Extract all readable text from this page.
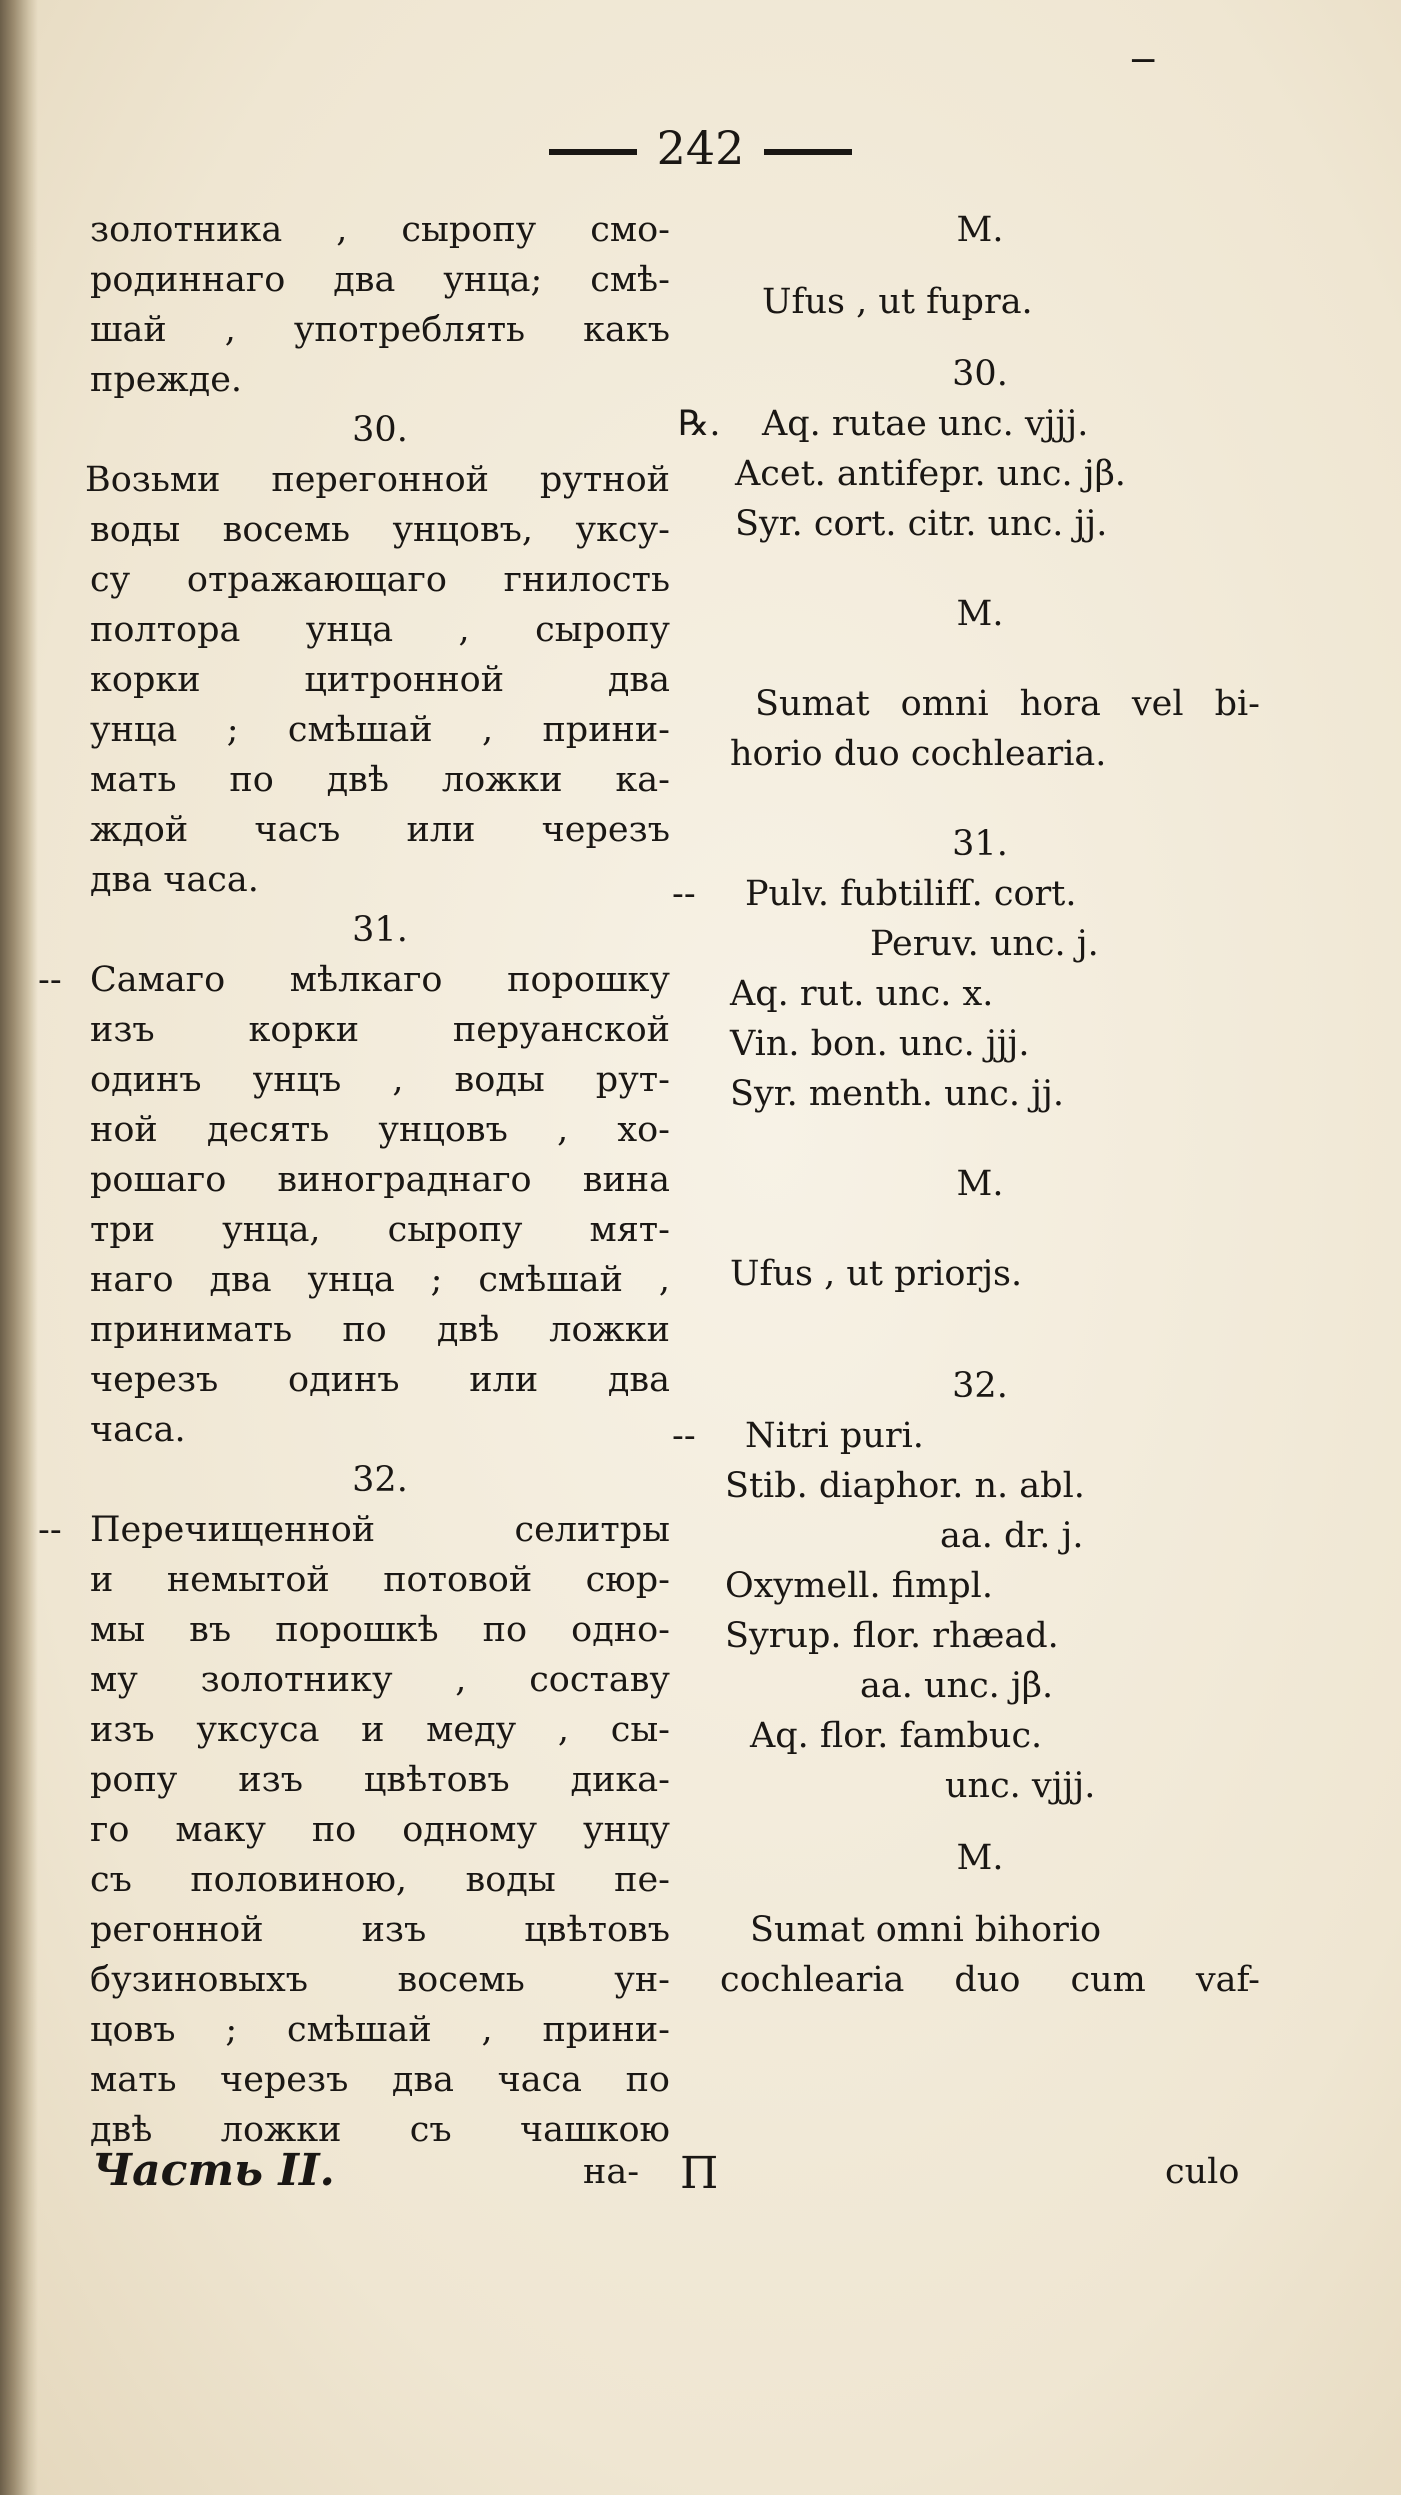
−
242
золотника , сыропу смо-
родиннаго два унца; смѣ-
шай , употреблять какъ
прежде.
30.
Возьми перегонной рутной
воды восемь унцовъ, уксу-
су отражающаго гнилость
полтора унца , сыропу
корки цитронной два
унца ; смѣшай , прини-
мать по двѣ ложки ка-
ждой часъ или черезъ
два часа.
31.
-- Самаго мѣлкаго порошку
изъ корки перуанской
одинъ унцъ , воды рут-
ной десять унцовъ , хо-
рошаго винограднаго вина
три унца, сыропу мят-
наго два унца ; смѣшай ,
принимать по двѣ ложки
черезъ одинъ или два
часа.
32.
-- Перечищенной селитры
и немытой потовой сюр-
мы въ порошкѣ по одно-
му золотнику , составу
изъ уксуса и меду , сы-
ропу изъ цвѣтовъ дика-
го маку по одному унцу
съ половиною, воды пе-
регонной изъ цвѣтовъ
бузиновыхъ восемь ун-
цовъ ; смѣшай , прини-
мать черезъ два часа по
двѣ ложки съ чашкою
M.
Ufus , ut fupra.
30.
℞. Aq. rutae unc. vjjj.
Acet. antifepr. unc. jβ.
Syr. cort. citr. unc. jj.
M.
Sumat omni hora vel bi-
horio duo cochlearia.
31.
-- Pulv. fubtilifſ. cort.
Peruv. unc. j.
Aq. rut. unc. x.
Vin. bon. unc. jjj.
Syr. menth. unc. jj.
M.
Ufus , ut priorjs.
32.
-- Nitri puri.
Stib. diaphor. n. abl.
aa. dr. j.
Oxymell. fimpl.
Syrup. flor. rhæad.
aa. unc. jβ.
Aq. flor. fambuc.
unc. vjjj.
M.
Sumat omni bihorio
cochlearia duo cum vaf-
Часть II.	на- П	culo
